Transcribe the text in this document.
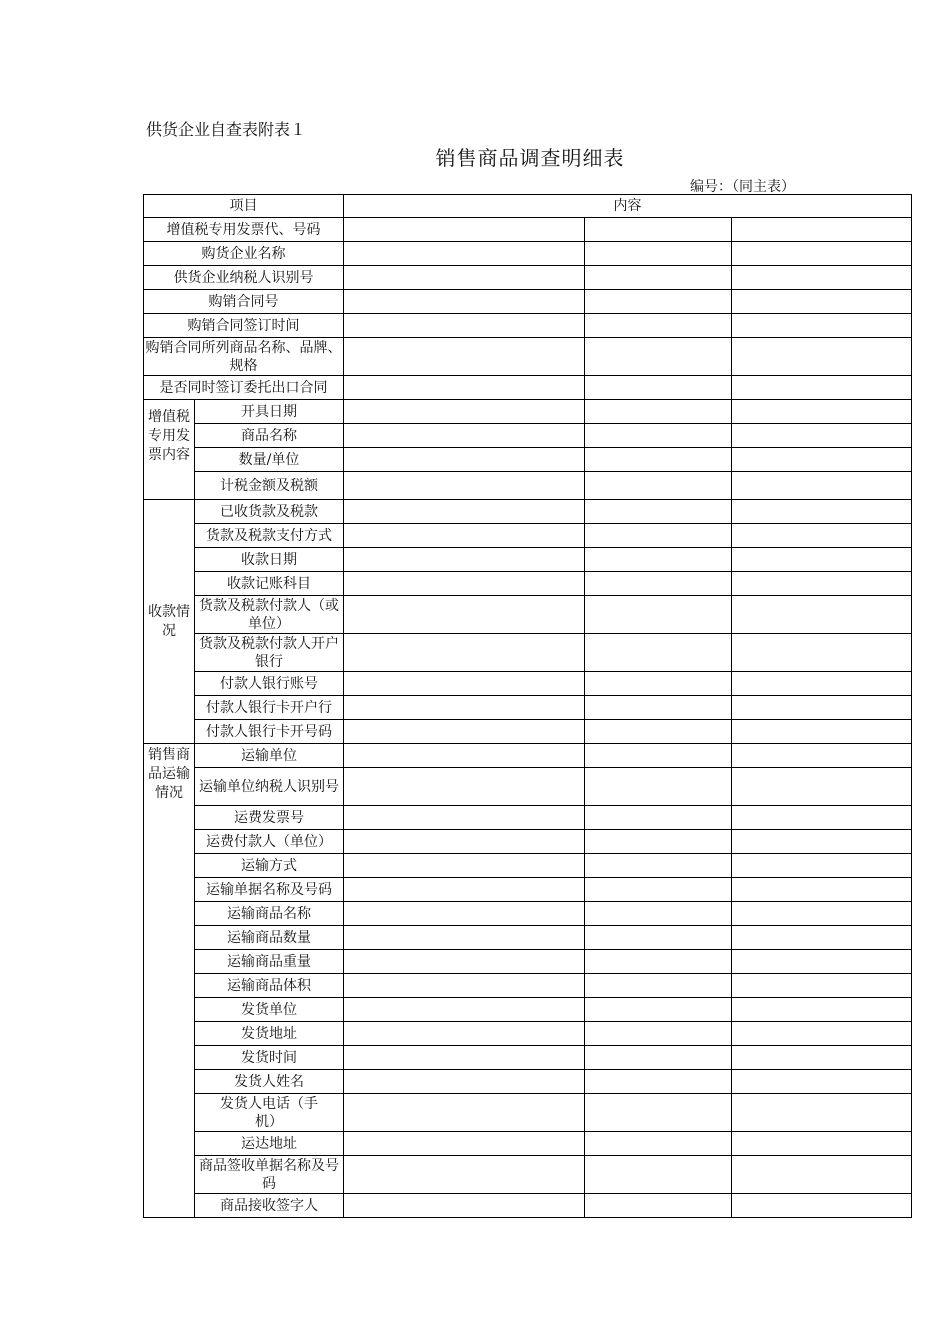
供货企业自查表附表１
销售商品调查明细表
编号：（同主表）
项目		内容		
增值税专用发票代、号码				
购货企业名称				
供货企业纳税人识别号				
购销合同号				
购销合同签订时间				
购销合同所列商品名称、品牌、规格				
是否同时签订委托出口合同				
增值税专用发票内容	开具日期			
	商品名称			
	数量/单位			
	计税金额及税额			
收款情况	已收货款及税款			
	货款及税款支付方式			
	收款日期			
	收款记账科目			
	货款及税款付款人（或单位）			
	货款及税款付款人开户银行			
	付款人银行账号			
	付款人银行卡开户行			
	付款人银行卡开号码			
销售商品运输情况	运输单位			
	运输单位纳税人识别号			
	运费发票号			
	运费付款人（单位）			
	运输方式			
	运输单据名称及号码			
	运输商品名称			
	运输商品数量			
	运输商品重量			
	运输商品体积			
	发货单位			
	发货地址			
	发货时间			
	发货人姓名			
	发货人电话（手机）			
	运达地址			
	商品签收单据名称及号码			
	商品接收签字人			
